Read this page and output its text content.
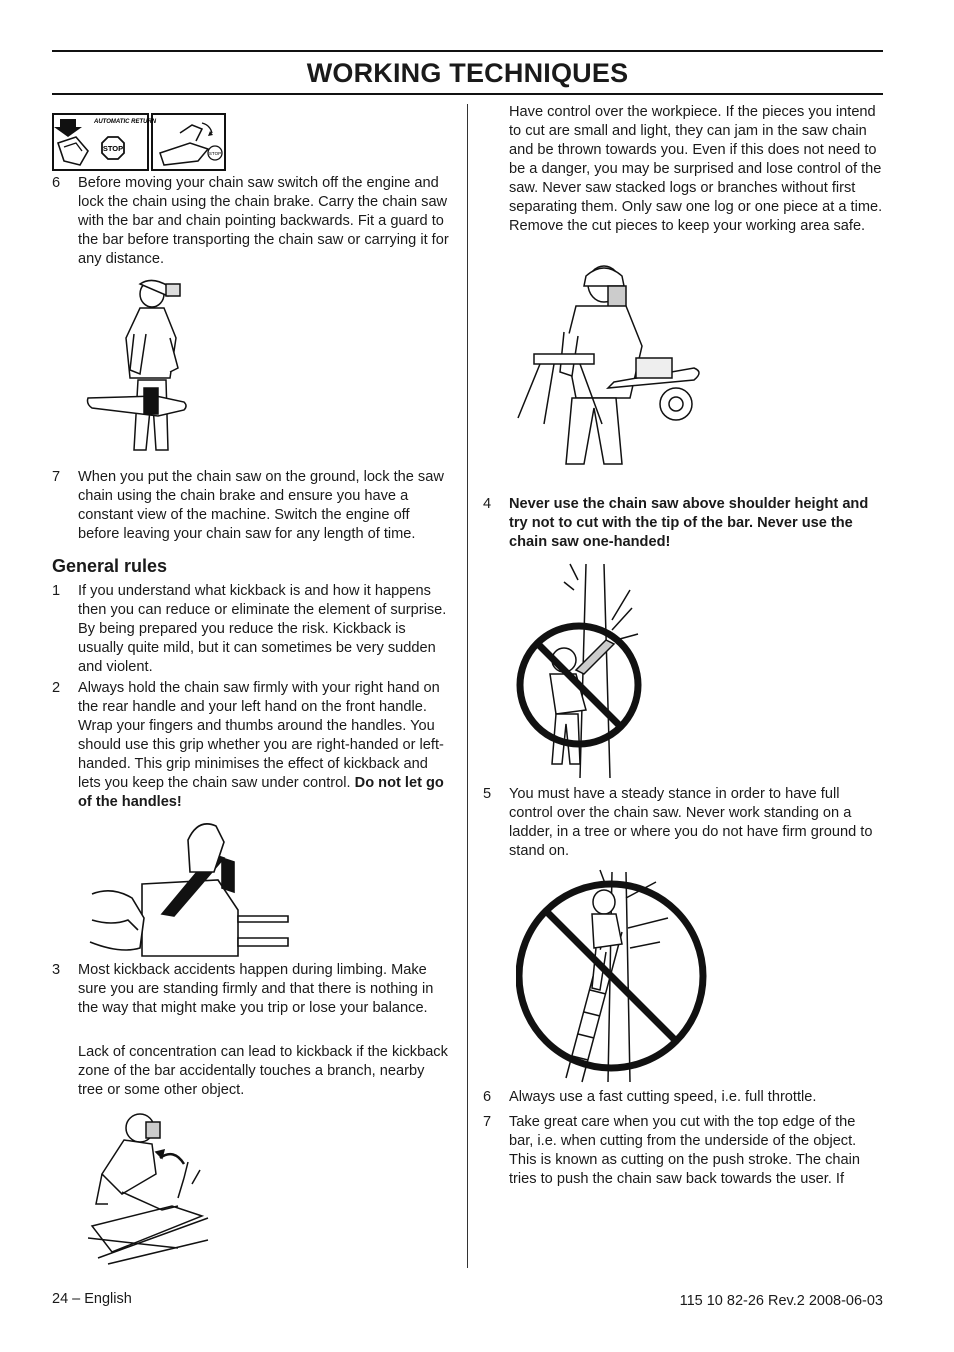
WORKING TECHNIQUES
AUTOMATIC RETURN
STOP
STOP
6 Before moving your chain saw switch off the engine and lock the chain using the chain brake. Carry the chain saw with the bar and chain pointing backwards. Fit a guard to the bar before transporting the chain saw or carrying it for any distance.
7 When you put the chain saw on the ground, lock the saw chain using the chain brake and ensure you have a constant view of the machine. Switch the engine off before leaving your chain saw for any length of time.
General rules
1 If you understand what kickback is and how it happens then you can reduce or eliminate the element of surprise. By being prepared you reduce the risk. Kickback is usually quite mild, but it can sometimes be very sudden and violent.
2 Always hold the chain saw firmly with your right hand on the rear handle and your left hand on the front handle. Wrap your fingers and thumbs around the handles. You should use this grip whether you are right-handed or left-handed. This grip minimises the effect of kickback and lets you keep the chain saw under control. Do not let go of the handles!
3 Most kickback accidents happen during limbing. Make sure you are standing firmly and that there is nothing in the way that might make you trip or lose your balance.
Lack of concentration can lead to kickback if the kickback zone of the bar accidentally touches a branch, nearby tree or some other object.
Have control over the workpiece. If the pieces you intend to cut are small and light, they can jam in the saw chain and be thrown towards you. Even if this does not need to be a danger, you may be surprised and lose control of the saw. Never saw stacked logs or branches without first separating them. Only saw one log or one piece at a time. Remove the cut pieces to keep your working area safe.
4 Never use the chain saw above shoulder height and try not to cut with the tip of the bar. Never use the chain saw one-handed!
5 You must have a steady stance in order to have full control over the chain saw. Never work standing on a ladder, in a tree or where you do not have firm ground to stand on.
6 Always use a fast cutting speed, i.e. full throttle.
7 Take great care when you cut with the top edge of the bar, i.e. when cutting from the underside of the object. This is known as cutting on the push stroke. The chain tries to push the chain saw back towards the user. If
24 – English	115 10 82-26 Rev.2 2008-06-03
